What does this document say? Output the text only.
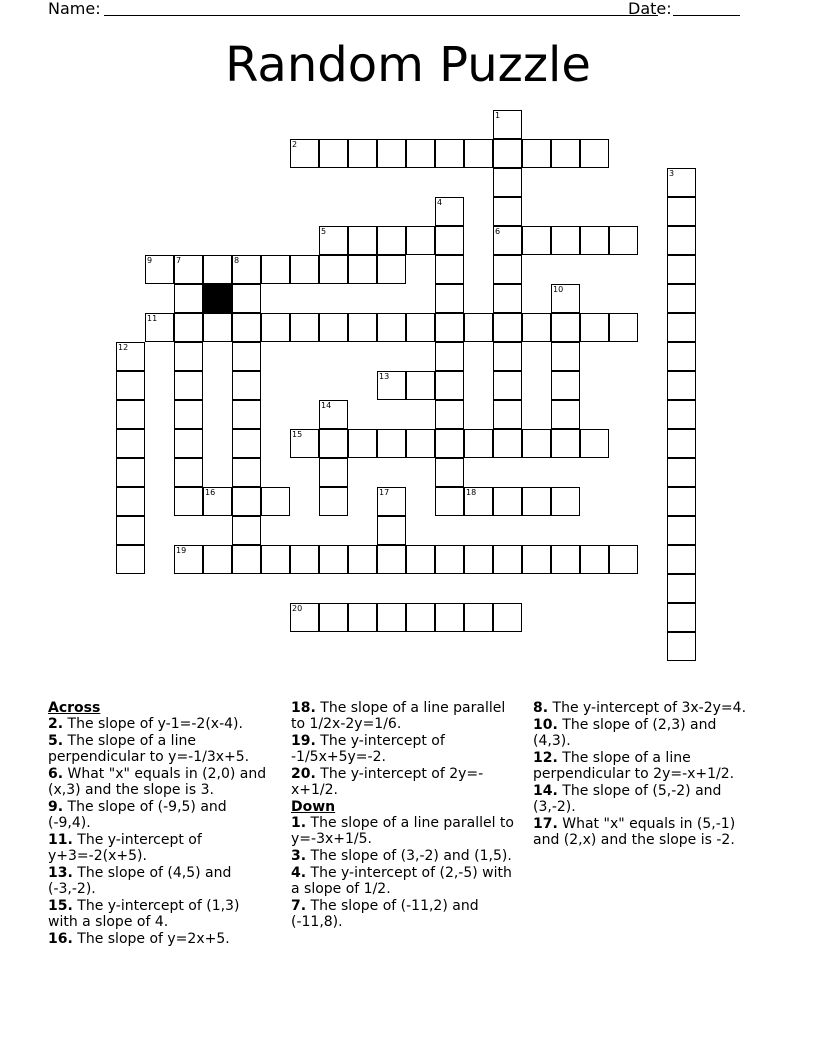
Name:	Date:
Random Puzzle
2
5	6
9	7	8
11
13
15
16	18
19
20
1
3
4
10
12
14
17
Across
2. The slope of y-1=-2(x-4).
5. The slope of a line perpendicular to y=-1/3x+5.
6. What "x" equals in (2,0) and (x,3) and the slope is 3.
9. The slope of (-9,5) and (-9,4).
11. The y-intercept of y+3=-2(x+5).
13. The slope of (4,5) and (-3,-2).
15. The y-intercept of (1,3) with a slope of 4.
16. The slope of y=2x+5.
18. The slope of a line parallel to 1/2x-2y=1/6.
19. The y-intercept of -1/5x+5y=-2.
20. The y-intercept of 2y=-x+1/2.
Down
1. The slope of a line parallel to y=-3x+1/5.
3. The slope of (3,-2) and (1,5).
4. The y-intercept of (2,-5) with a slope of 1/2.
7. The slope of (-11,2) and (-11,8).
8. The y-intercept of 3x-2y=4.
10. The slope of (2,3) and (4,3).
12. The slope of a line perpendicular to 2y=-x+1/2.
14. The slope of (5,-2) and (3,-2).
17. What "x" equals in (5,-1) and (2,x) and the slope is -2.
